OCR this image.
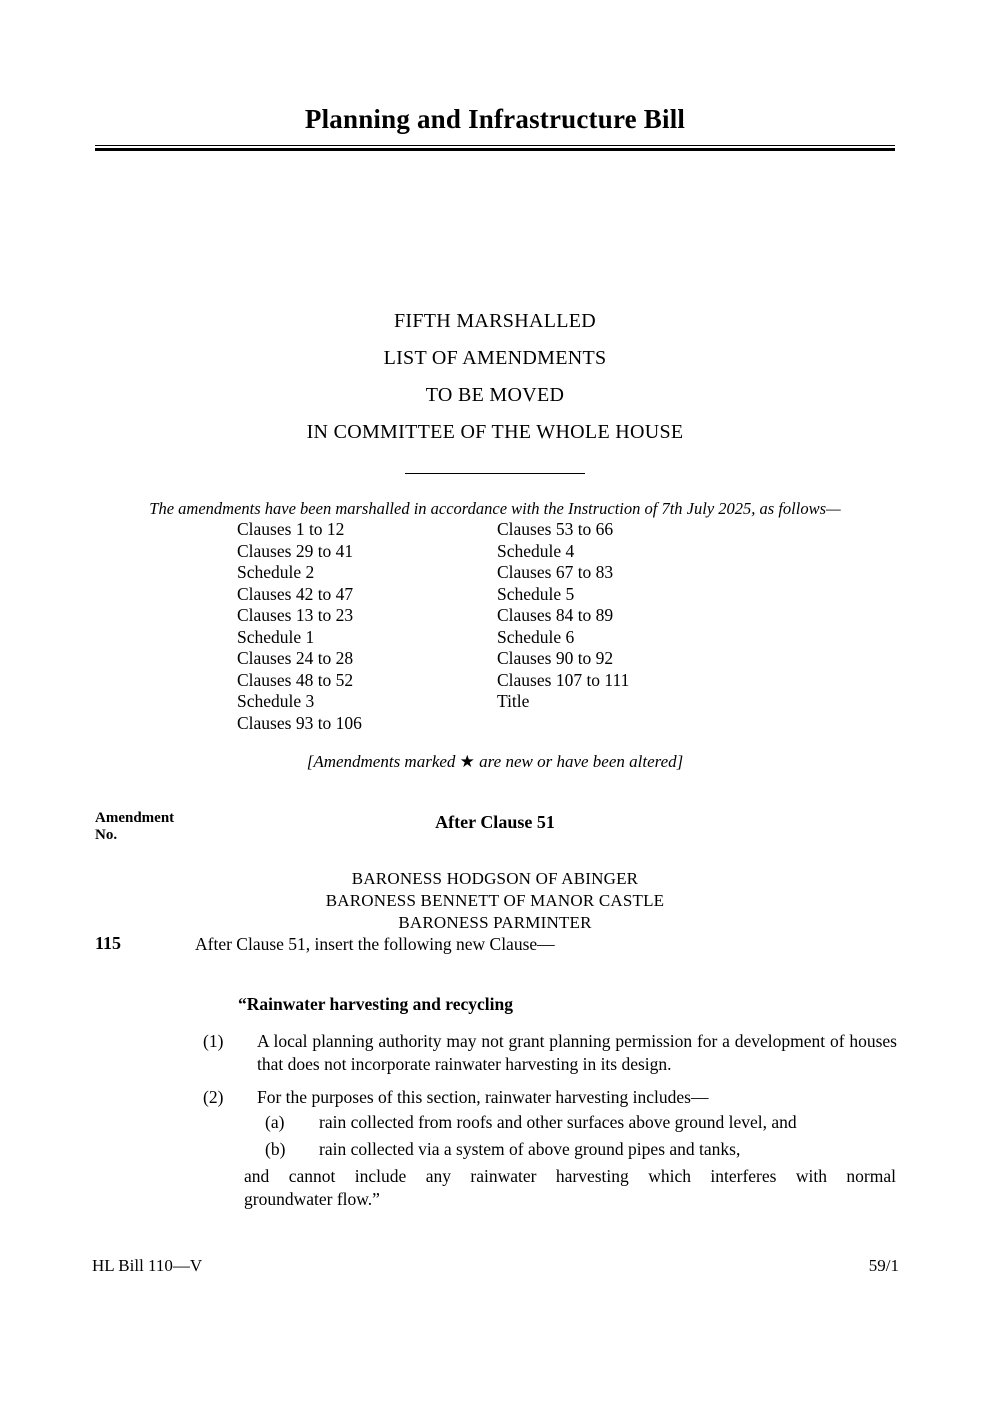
Planning and Infrastructure Bill
FIFTH MARSHALLED
LIST OF AMENDMENTS
TO BE MOVED
IN COMMITTEE OF THE WHOLE HOUSE
The amendments have been marshalled in accordance with the Instruction of 7th July 2025, as follows—
Clauses 1 to 12
Clauses 29 to 41
Schedule 2
Clauses 42 to 47
Clauses 13 to 23
Schedule 1
Clauses 24 to 28
Clauses 48 to 52
Schedule 3
Clauses 93 to 106
Clauses 53 to 66
Schedule 4
Clauses 67 to 83
Schedule 5
Clauses 84 to 89
Schedule 6
Clauses 90 to 92
Clauses 107 to 111
Title
[Amendments marked ★ are new or have been altered]
Amendment
No.
After Clause 51
BARONESS HODGSON OF ABINGER
BARONESS BENNETT OF MANOR CASTLE
BARONESS PARMINTER
115	After Clause 51, insert the following new Clause—
“Rainwater harvesting and recycling
(1)	A local planning authority may not grant planning permission for a development of houses that does not incorporate rainwater harvesting in its design.
(2)	For the purposes of this section, rainwater harvesting includes—
(a)	rain collected from roofs and other surfaces above ground level, and
(b)	rain collected via a system of above ground pipes and tanks,
and cannot include any rainwater harvesting which interferes with normal
groundwater flow.”
HL Bill 110—V	59/1
